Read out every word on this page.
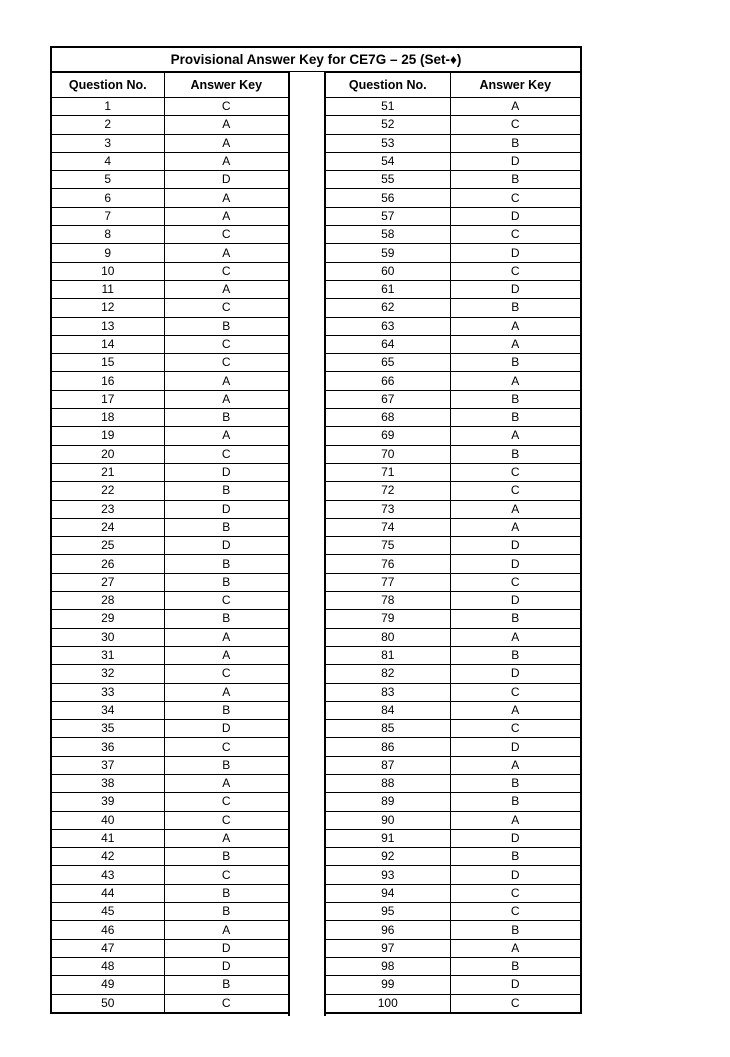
Provisional Answer Key for CE7G – 25 (Set-♦)
Question No.	Answer Key
1	C
2	A
3	A
4	A
5	D
6	A
7	A
8	C
9	A
10	C
11	A
12	C
13	B
14	C
15	C
16	A
17	A
18	B
19	A
20	C
21	D
22	B
23	D
24	B
25	D
26	B
27	B
28	C
29	B
30	A
31	A
32	C
33	A
34	B
35	D
36	C
37	B
38	A
39	C
40	C
41	A
42	B
43	C
44	B
45	B
46	A
47	D
48	D
49	B
50	C
Question No.	Answer Key
51	A
52	C
53	B
54	D
55	B
56	C
57	D
58	C
59	D
60	C
61	D
62	B
63	A
64	A
65	B
66	A
67	B
68	B
69	A
70	B
71	C
72	C
73	A
74	A
75	D
76	D
77	C
78	D
79	B
80	A
81	B
82	D
83	C
84	A
85	C
86	D
87	A
88	B
89	B
90	A
91	D
92	B
93	D
94	C
95	C
96	B
97	A
98	B
99	D
100	C
